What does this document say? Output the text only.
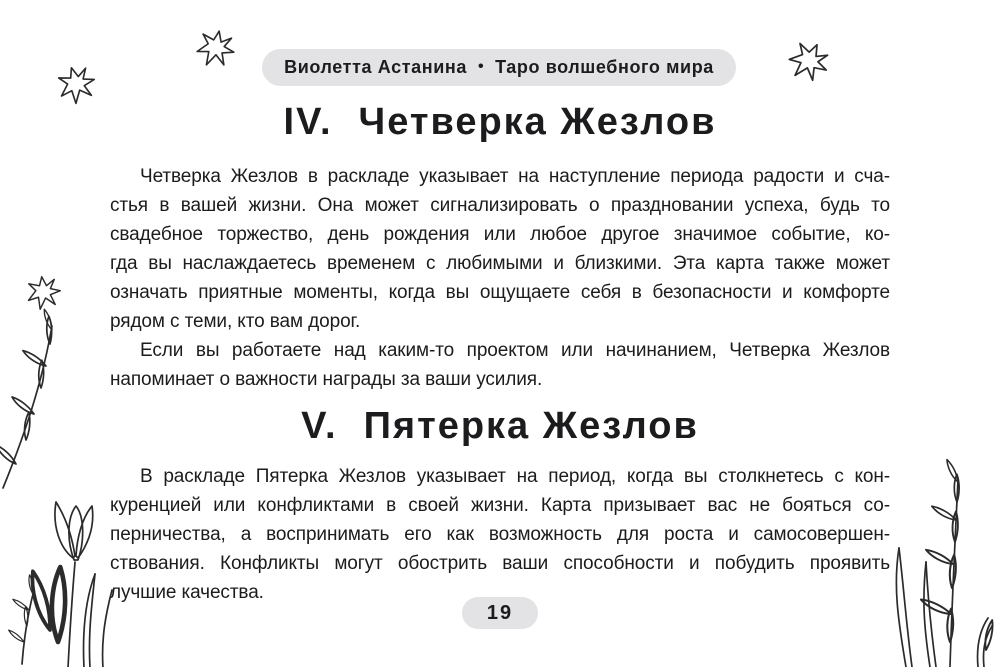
Виолетта Астанина • Таро волшебного мира
IV. Четверка Жезлов
Четверка Жезлов в раскладе указывает на наступление периода радости и сча-
стья в вашей жизни. Она может сигнализировать о праздновании успеха, будь то
свадебное торжество, день рождения или любое другое значимое событие, ко-
гда вы наслаждаетесь временем с любимыми и близкими. Эта карта также может
означать приятные моменты, когда вы ощущаете себя в безопасности и комфорте
рядом с теми, кто вам дорог.
Если вы работаете над каким-то проектом или начинанием, Четверка Жезлов
напоминает о важности награды за ваши усилия.
V. Пятерка Жезлов
В раскладе Пятерка Жезлов указывает на период, когда вы столкнетесь с кон-
куренцией или конфликтами в своей жизни. Карта призывает вас не бояться со-
перничества, а воспринимать его как возможность для роста и самосовершен-
ствования. Конфликты могут обострить ваши способности и побудить проявить
лучшие качества.
19
